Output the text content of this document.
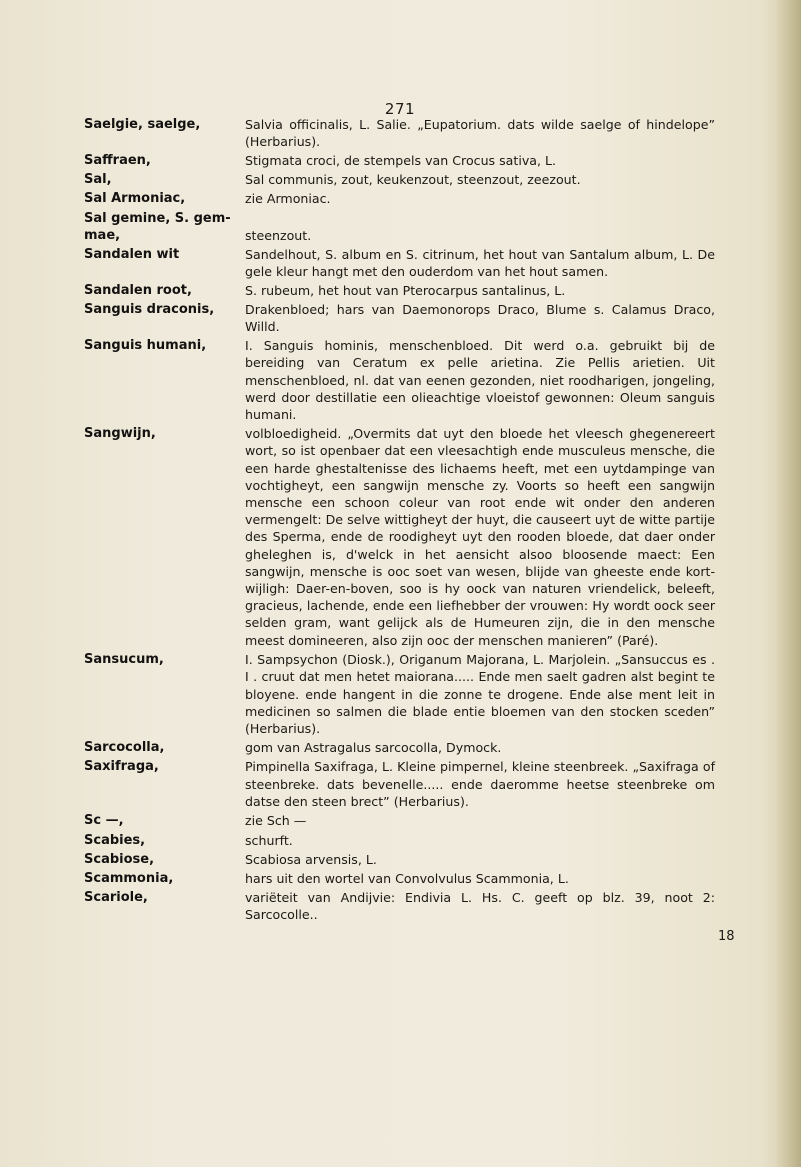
271
Saelgie, saelge,	Salvia officinalis, L. Salie. „Eupatorium. dats wilde saelge of hindelope” (Herbarius).
Saffraen,	Stigmata croci, de stempels van Crocus sativa, L.
Sal,	Sal communis, zout, keukenzout, steenzout, zeezout.
Sal Armoniac,	zie Armoniac.
Sal gemine, S. gem-
mae,	steenzout.
Sandalen wit	Sandelhout, S. album en S. citrinum, het hout van Santalum album, L. De gele kleur hangt met den ouderdom van het hout samen.
Sandalen root,	S. rubeum, het hout van Pterocarpus santalinus, L.
Sanguis draconis,	Drakenbloed; hars van Daemonorops Draco, Blume s. Calamus Draco, Willd.
Sanguis humani,	I. Sanguis hominis, menschenbloed. Dit werd o.a. gebruikt bij de bereiding van Ceratum ex pelle arietina. Zie Pellis arietien. Uit menschenbloed, nl. dat van eenen gezonden, niet roodharigen, jongeling, werd door destillatie een olieachtige vloeistof gewonnen: Oleum sanguis humani.
Sangwijn,	volbloedigheid. „Overmits dat uyt den bloede het vleesch ghegenereert wort, so ist openbaer dat een vleesachtigh ende musculeus mensche, die een harde ghestaltenisse des lichaems heeft, met een uytdampinge van vochtigheyt, een sangwijn mensche zy. Voorts so heeft een sangwijn mensche een schoon coleur van root ende wit onder den anderen vermengelt: De selve wittigheyt der huyt, die causeert uyt de witte partije des Sperma, ende de roodigheyt uyt den rooden bloede, dat daer onder gheleghen is, d'welck in het aensicht alsoo bloosende maect: Een sangwijn, mensche is ooc soet van wesen, blijde van gheeste ende kort-wijligh: Daer-en-boven, soo is hy oock van naturen vriendelick, beleeft, gracieus, lachende, ende een liefhebber der vrouwen: Hy wordt oock seer selden gram, want gelijck als de Humeuren zijn, die in den mensche meest domineeren, also zijn ooc der menschen manieren” (Paré).
Sansucum,	I. Sampsychon (Diosk.), Origanum Majorana, L. Marjolein. „Sansuccus es . I . cruut dat men hetet maiorana..... Ende men saelt gadren alst begint te bloyene. ende hangent in die zonne te drogene. Ende alse ment leit in medicinen so salmen die blade entie bloemen van den stocken sceden” (Herbarius).
Sarcocolla,	gom van Astragalus sarcocolla, Dymock.
Saxifraga,	Pimpinella Saxifraga, L. Kleine pimpernel, kleine steenbreek. „Saxifraga of steenbreke. dats bevenelle..... ende daeromme heetse steenbreke om datse den steen brect” (Herbarius).
Sc —,	zie Sch —
Scabies,	schurft.
Scabiose,	Scabiosa arvensis, L.
Scammonia,	hars uit den wortel van Convolvulus Scammonia, L.
Scariole,	variëteit van Andijvie: Endivia L. Hs. C. geeft op blz. 39, noot 2: Sarcocolle..
18
